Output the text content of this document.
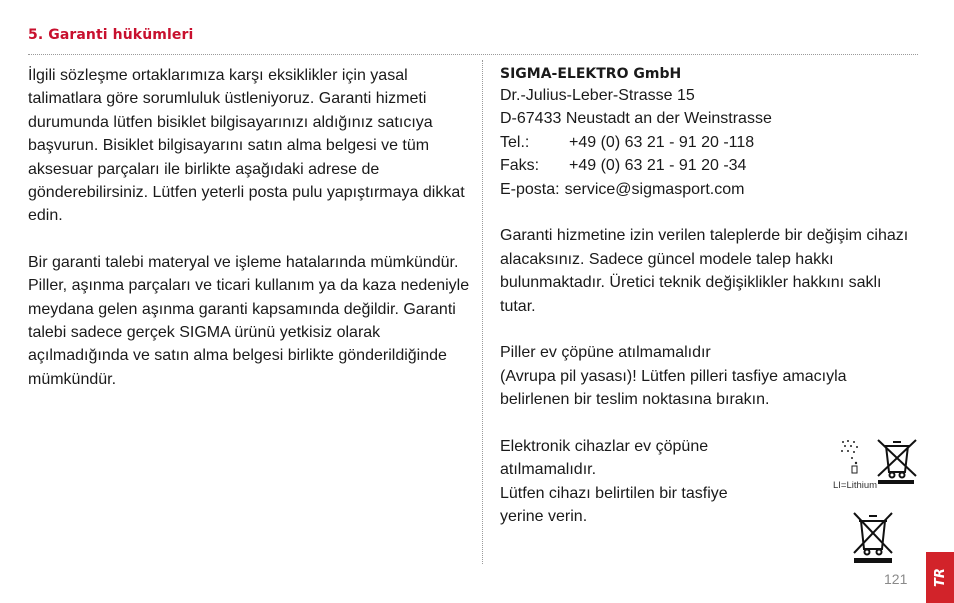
5. Garanti hükümleri

İlgili sözleşme ortaklarımıza karşı eksiklikler için yasal talimatlara göre sorumluluk üstleniyoruz. Garanti hizmeti durumunda lütfen bisiklet bilgisayarınızı aldığınız satıcıya başvurun. Bisiklet bilgisayarını satın alma belgesi ve tüm aksesuar parçaları ile birlikte aşağıdaki adrese de gönderebilirsiniz. Lütfen yeterli posta pulu yapıştırmaya dikkat edin.

Bir garanti talebi materyal ve işleme hatalarında mümkündür. Piller, aşınma parçaları ve ticari kullanım ya da kaza nedeniyle meydana gelen aşınma garanti kapsamında değildir. Garanti talebi sadece gerçek SIGMA ürünü yetkisiz olarak açılmadığında ve satın alma belgesi birlikte gönderildiğinde mümkündür.

SIGMA-ELEKTRO GmbH

Dr.-Julius-Leber-Strasse 15

D-67433 Neustadt an der Weinstrasse

Tel.:	+49 (0) 63 21 - 91 20 -118
Faks:	+49 (0) 63 21 - 91 20 -34
E-posta: service@sigmasport.com

Garanti hizmetine izin verilen taleplerde bir değişim cihazı alacaksınız. Sadece güncel modele talep hakkı bulunmaktadır. Üretici teknik değişiklikler hakkını saklı tutar.

Piller ev çöpüne atılmamalıdır

(Avrupa pil yasası)! Lütfen pilleri tasfiye amacıyla belirlenen bir teslim noktasına bırakın.

Elektronik cihazlar ev çöpüne atılmamalıdır.

Lütfen cihazı belirtilen bir tasfiye yerine verin.

LI=Lithium
121 TR
